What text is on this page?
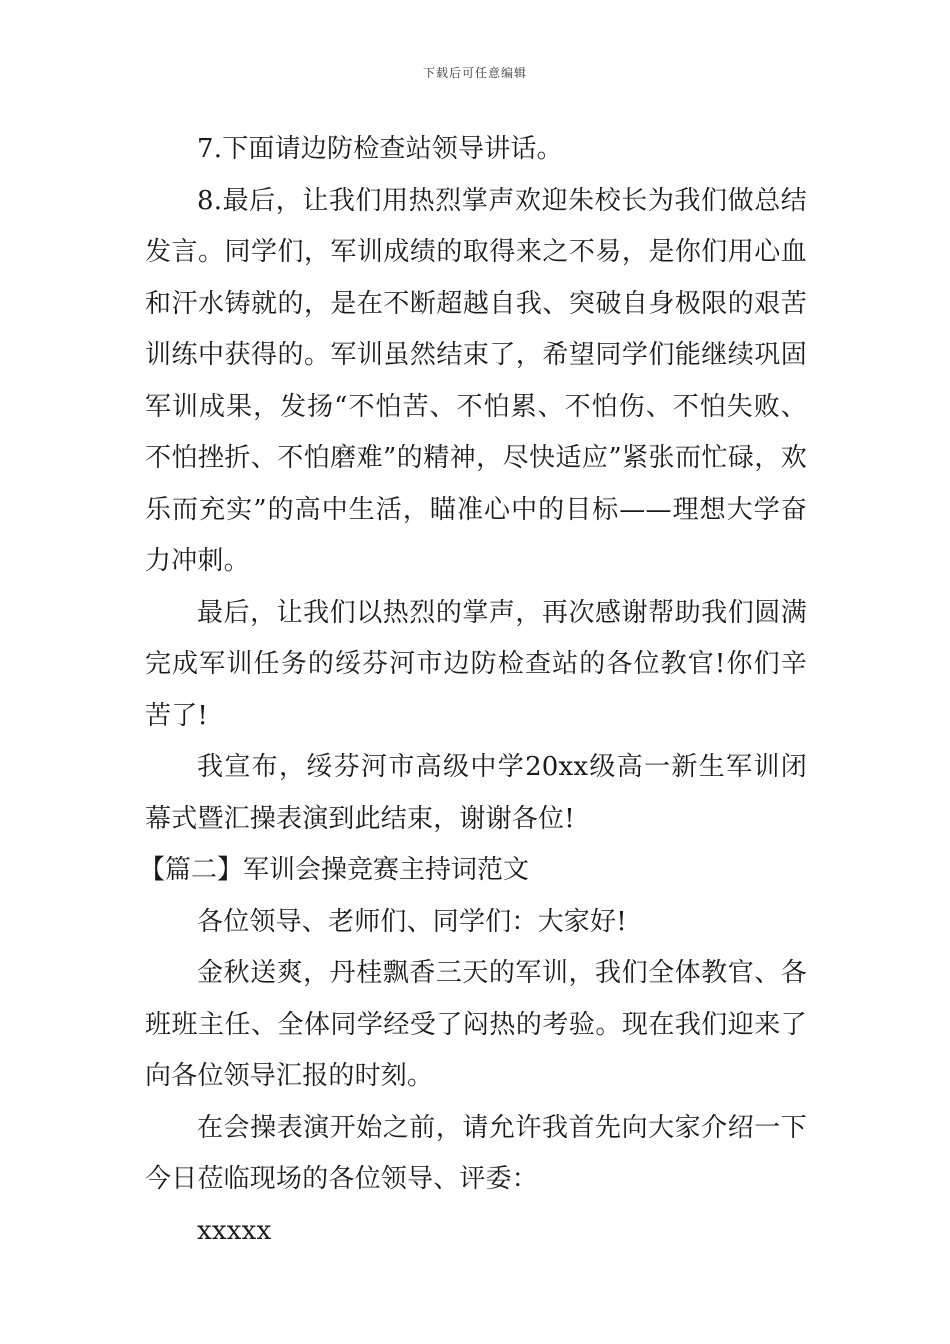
下载后可任意编辑

7.下面请边防检查站领导讲话。

8.最后，让我们用热烈掌声欢迎朱校长为我们做总结发言。同学们，军训成绩的取得来之不易，是你们用心血和汗水铸就的，是在不断超越自我、突破自身极限的艰苦训练中获得的。军训虽然结束了，希望同学们能继续巩固军训成果，发扬“不怕苦、不怕累、不怕伤、不怕失败、不怕挫折、不怕磨难”的精神，尽快适应”紧张而忙碌，欢乐而充实”的高中生活，瞄准心中的目标——理想大学奋力冲刺。

最后，让我们以热烈的掌声，再次感谢帮助我们圆满完成军训任务的绥芬河市边防检查站的各位教官!你们辛苦了!

我宣布，绥芬河市高级中学20xx级高一新生军训闭幕式暨汇操表演到此结束，谢谢各位!

【篇二】军训会操竞赛主持词范文

各位领导、老师们、同学们：大家好!

金秋送爽，丹桂飘香三天的军训，我们全体教官、各班班主任、全体同学经受了闷热的考验。现在我们迎来了向各位领导汇报的时刻。

在会操表演开始之前，请允许我首先向大家介绍一下今日莅临现场的各位领导、评委：

xxxxx
